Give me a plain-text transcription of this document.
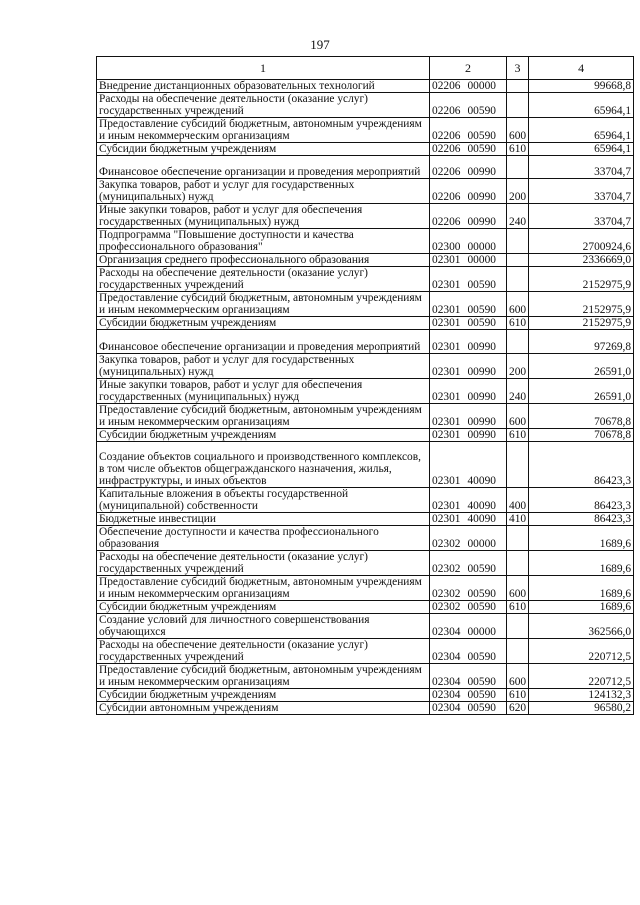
197
1	2	3	4
Внедрение дистанционных образовательных технологий	02206 00000		99668,8
Расходы на обеспечение деятельности (оказание услуг) государственных учреждений	02206 00590		65964,1
Предоставление субсидий бюджетным, автономным учреждениям и иным некоммерческим организациям	02206 00590	600	65964,1
Субсидии бюджетным учреждениям	02206 00590	610	65964,1
Финансовое обеспечение организации и проведения мероприятий	02206 00990		33704,7
Закупка товаров, работ и услуг для государственных (муниципальных) нужд	02206 00990	200	33704,7
Иные закупки товаров, работ и услуг для обеспечения государственных (муниципальных) нужд	02206 00990	240	33704,7
Подпрограмма "Повышение доступности и качества профессионального образования"	02300 00000		2700924,6
Организация среднего профессионального образования	02301 00000		2336669,0
Расходы на обеспечение деятельности (оказание услуг) государственных учреждений	02301 00590		2152975,9
Предоставление субсидий бюджетным, автономным учреждениям и иным некоммерческим организациям	02301 00590	600	2152975,9
Субсидии бюджетным учреждениям	02301 00590	610	2152975,9
Финансовое обеспечение организации и проведения мероприятий	02301 00990		97269,8
Закупка товаров, работ и услуг для государственных (муниципальных) нужд	02301 00990	200	26591,0
Иные закупки товаров, работ и услуг для обеспечения государственных (муниципальных) нужд	02301 00990	240	26591,0
Предоставление субсидий бюджетным, автономным учреждениям и иным некоммерческим организациям	02301 00990	600	70678,8
Субсидии бюджетным учреждениям	02301 00990	610	70678,8
Создание объектов социального и производственного комплексов, в том числе объектов общегражданского назначения, жилья, инфраструктуры, и иных объектов	02301 40090		86423,3
Капитальные вложения в объекты государственной (муниципальной) собственности	02301 40090	400	86423,3
Бюджетные инвестиции	02301 40090	410	86423,3
Обеспечение доступности и качества профессионального образования	02302 00000		1689,6
Расходы на обеспечение деятельности (оказание услуг) государственных учреждений	02302 00590		1689,6
Предоставление субсидий бюджетным, автономным учреждениям и иным некоммерческим организациям	02302 00590	600	1689,6
Субсидии бюджетным учреждениям	02302 00590	610	1689,6
Создание условий для личностного совершенствования обучающихся	02304 00000		362566,0
Расходы на обеспечение деятельности (оказание услуг) государственных учреждений	02304 00590		220712,5
Предоставление субсидий бюджетным, автономным учреждениям и иным некоммерческим организациям	02304 00590	600	220712,5
Субсидии бюджетным учреждениям	02304 00590	610	124132,3
Субсидии автономным учреждениям	02304 00590	620	96580,2
